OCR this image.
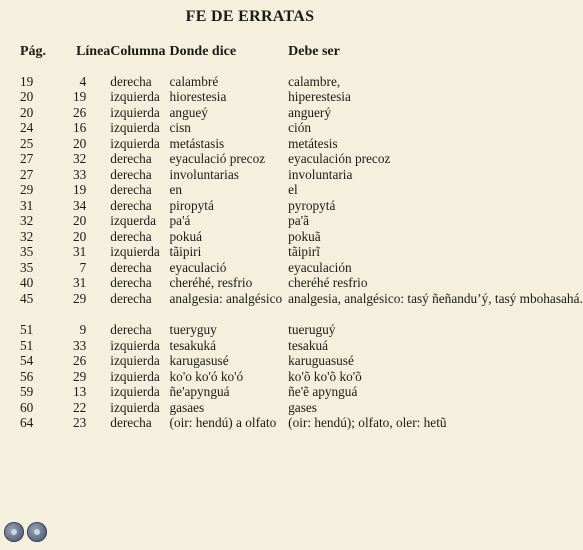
FE DE ERRATAS
Pág.	Línea	Columna	Donde dice	Debe ser
19	4	derecha	calambré	calambre,
20	19	izquierda	hiorestesia	hiperestesia
20	26	izquierda	angueý	anguerý
24	16	izquierda	cisn	ción
25	20	izquierda	metástasis	metátesis
27	32	derecha	eyaculació precoz	eyaculación precoz
27	33	derecha	involuntarias	involuntaria
29	19	derecha	en	el
31	34	derecha	piropytá	pyropytá
32	20	izquerda	pa'á	pa'ã
32	20	derecha	pokuá	pokuã
35	31	izquierda	tãipiri	tãipirĩ
35	7	derecha	eyaculació	eyaculación
40	31	derecha	cheréhé, resfrio	cheréhé resfrio
45	29	derecha	analgesia: analgésico	analgesia, analgésico: tasý ñeñanduʼý, tasý mbohasahá.
51	9	derecha	tueryguy	tueruguý
51	33	izquierda	tesakuká	tesakuá
54	26	izquierda	karugasusé	karuguasusé
56	29	izquierda	ko'o ko'ó ko'ó	ko'õ ko'õ ko'õ
59	13	izquierda	ñe'apynguá	ñe'ẽ apynguá
60	22	izquierda	gasaes	gases
64	23	derecha	(oir: hendú) a olfato	(oir: hendú); olfato, oler: hetũ
